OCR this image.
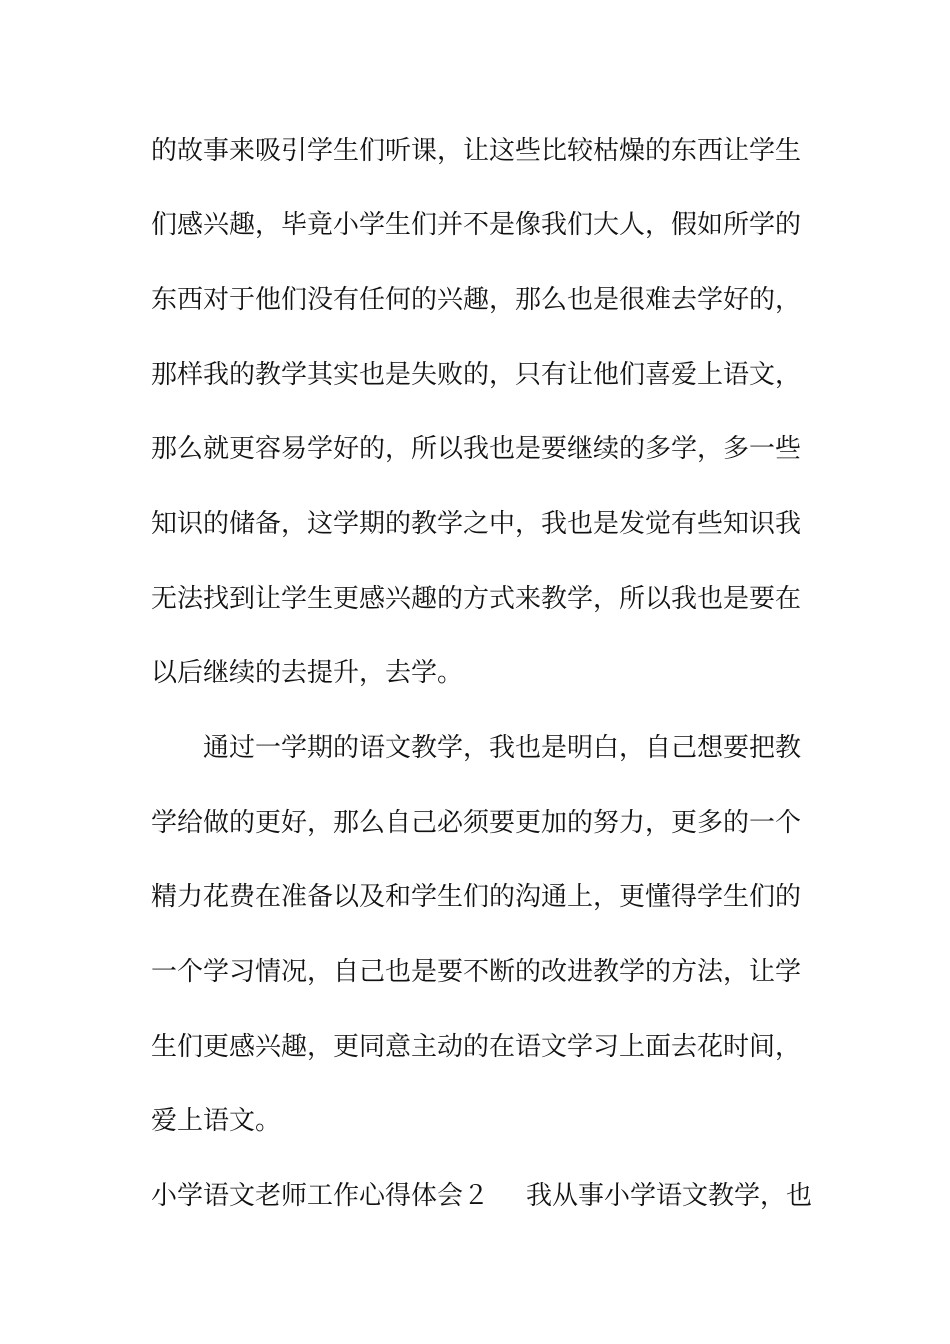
的故事来吸引学生们听课，让这些比较枯燥的东西让学生
们感兴趣，毕竟小学生们并不是像我们大人，假如所学的
东西对于他们没有任何的兴趣，那么也是很难去学好的，
那样我的教学其实也是失败的，只有让他们喜爱上语文，
那么就更容易学好的，所以我也是要继续的多学，多一些
知识的储备，这学期的教学之中，我也是发觉有些知识我
无法找到让学生更感兴趣的方式来教学，所以我也是要在
以后继续的去提升，去学。
通过一学期的语文教学，我也是明白，自己想要把教
学给做的更好，那么自己必须要更加的努力，更多的一个
精力花费在准备以及和学生们的沟通上，更懂得学生们的
一个学习情况，自己也是要不断的改进教学的方法，让学
生们更感兴趣，更同意主动的在语文学习上面去花时间，
爱上语文。
小学语文老师工作心得体会２ 我从事小学语文教学，也
